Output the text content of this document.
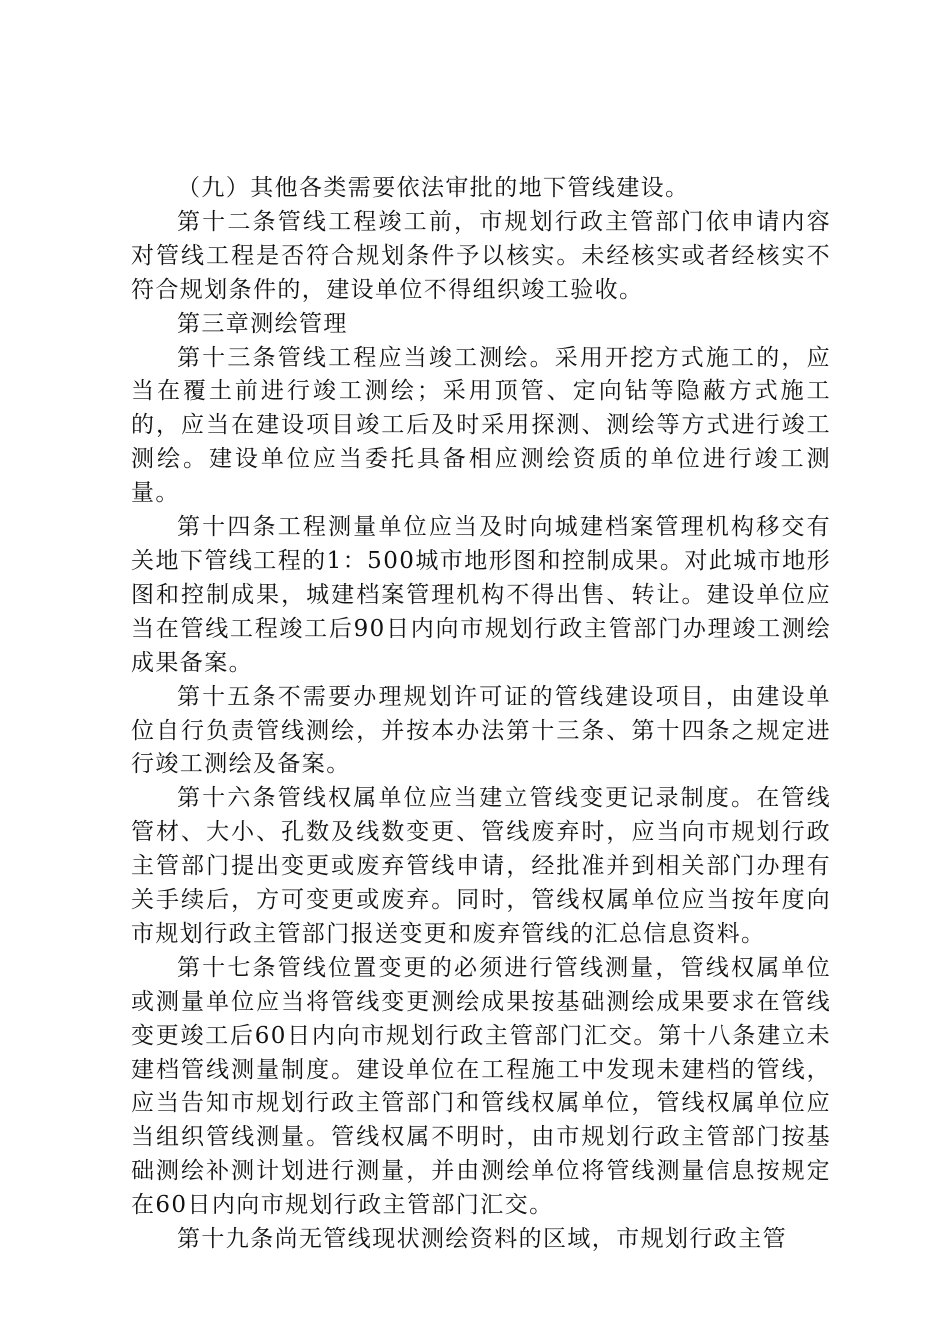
（九）其他各类需要依法审批的地下管线建设。

第十二条管线工程竣工前，市规划行政主管部门依申请内容对管线工程是否符合规划条件予以核实。未经核实或者经核实不符合规划条件的，建设单位不得组织竣工验收。

第三章测绘管理

第十三条管线工程应当竣工测绘。采用开挖方式施工的，应当在覆土前进行竣工测绘；采用顶管、定向钻等隐蔽方式施工的，应当在建设项目竣工后及时采用探测、测绘等方式进行竣工测绘。建设单位应当委托具备相应测绘资质的单位进行竣工测量。

第十四条工程测量单位应当及时向城建档案管理机构移交有关地下管线工程的1：500城市地形图和控制成果。对此城市地形图和控制成果，城建档案管理机构不得出售、转让。建设单位应当在管线工程竣工后90日内向市规划行政主管部门办理竣工测绘成果备案。

第十五条不需要办理规划许可证的管线建设项目，由建设单位自行负责管线测绘，并按本办法第十三条、第十四条之规定进行竣工测绘及备案。

第十六条管线权属单位应当建立管线变更记录制度。在管线管材、大小、孔数及线数变更、管线废弃时，应当向市规划行政主管部门提出变更或废弃管线申请，经批准并到相关部门办理有关手续后，方可变更或废弃。同时，管线权属单位应当按年度向市规划行政主管部门报送变更和废弃管线的汇总信息资料。

第十七条管线位置变更的必须进行管线测量，管线权属单位或测量单位应当将管线变更测绘成果按基础测绘成果要求在管线变更竣工后60日内向市规划行政主管部门汇交。第十八条建立未建档管线测量制度。建设单位在工程施工中发现未建档的管线，应当告知市规划行政主管部门和管线权属单位，管线权属单位应当组织管线测量。管线权属不明时，由市规划行政主管部门按基础测绘补测计划进行测量，并由测绘单位将管线测量信息按规定在60日内向市规划行政主管部门汇交。

第十九条尚无管线现状测绘资料的区域，市规划行政主管
